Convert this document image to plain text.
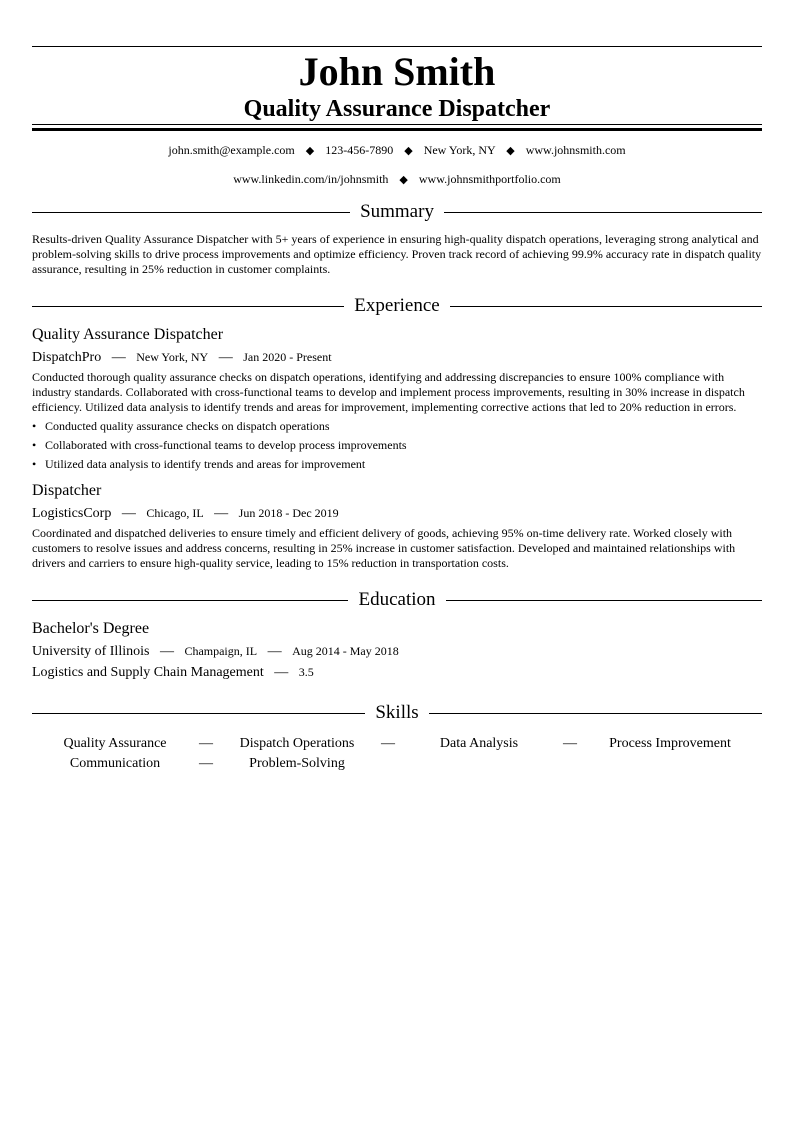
John Smith
Quality Assurance Dispatcher
john.smith@example.com ◆ 123-456-7890 ◆ New York, NY ◆ www.johnsmith.com
www.linkedin.com/in/johnsmith ◆ www.johnsmithportfolio.com
Summary
Results-driven Quality Assurance Dispatcher with 5+ years of experience in ensuring high-quality dispatch operations, leveraging strong analytical and problem-solving skills to drive process improvements and optimize efficiency. Proven track record of achieving 99.9% accuracy rate in dispatch quality assurance, resulting in 25% reduction in customer complaints.
Experience
Quality Assurance Dispatcher
DispatchPro — New York, NY — Jan 2020 - Present
Conducted thorough quality assurance checks on dispatch operations, identifying and addressing discrepancies to ensure 100% compliance with industry standards. Collaborated with cross-functional teams to develop and implement process improvements, resulting in 30% increase in dispatch efficiency. Utilized data analysis to identify trends and areas for improvement, implementing corrective actions that led to 20% reduction in errors.
• Conducted quality assurance checks on dispatch operations
• Collaborated with cross-functional teams to develop process improvements
• Utilized data analysis to identify trends and areas for improvement
Dispatcher
LogisticsCorp — Chicago, IL — Jun 2018 - Dec 2019
Coordinated and dispatched deliveries to ensure timely and efficient delivery of goods, achieving 95% on-time delivery rate. Worked closely with customers to resolve issues and address concerns, resulting in 25% increase in customer satisfaction. Developed and maintained relationships with drivers and carriers to ensure high-quality service, leading to 15% reduction in transportation costs.
Education
Bachelor's Degree
University of Illinois — Champaign, IL — Aug 2014 - May 2018
Logistics and Supply Chain Management — 3.5
Skills
Quality Assurance	—	Dispatch Operations	—	Data Analysis	—	Process Improvement
Communication	—	Problem-Solving
